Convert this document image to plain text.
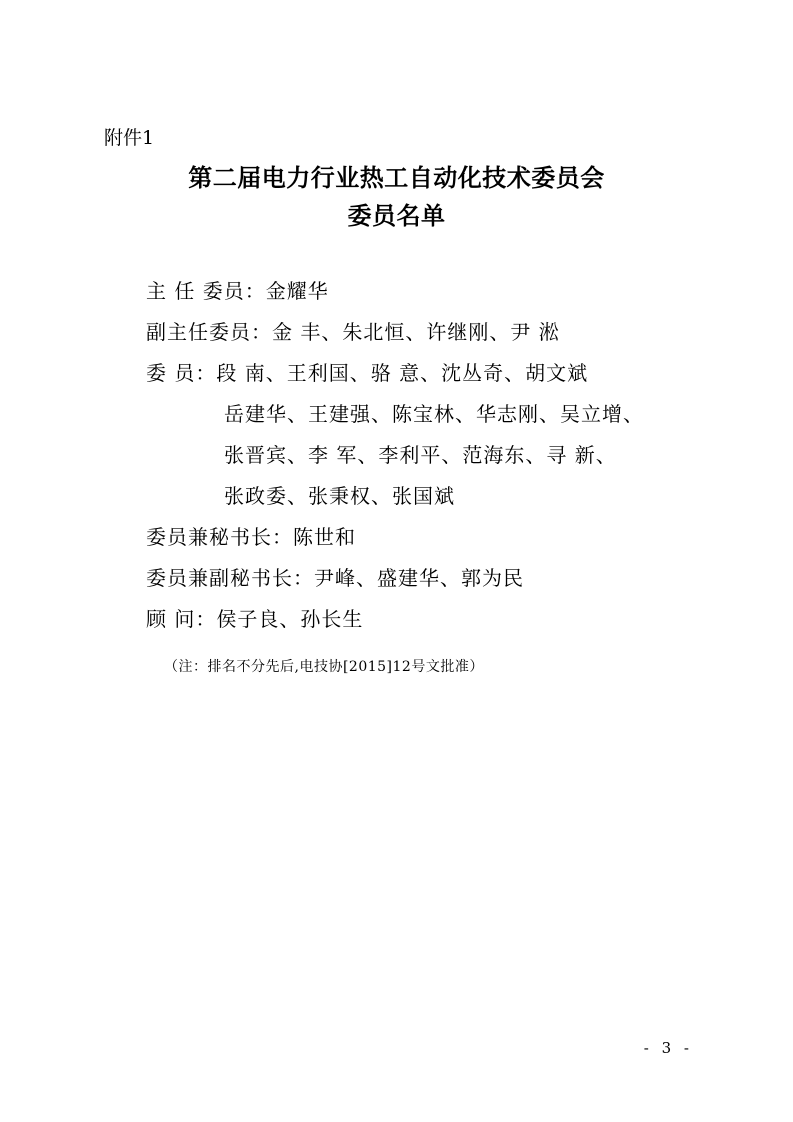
附件1
第二届电力行业热工自动化技术委员会
委员名单
主 任 委员：金耀华
副主任委员：金 丰、朱北恒、许继刚、尹 淞
委 员：段 南、王利国、骆 意、沈丛奇、胡文斌
岳建华、王建强、陈宝林、华志刚、吴立增、
张晋宾、李 军、李利平、范海东、寻 新、
张政委、张秉权、张国斌
委员兼秘书长：陈世和
委员兼副秘书长：尹峰、盛建华、郭为民
顾 问：侯子良、孙长生
（注：排名不分先后,电技协[2015]12号文批准）
- 3 -
